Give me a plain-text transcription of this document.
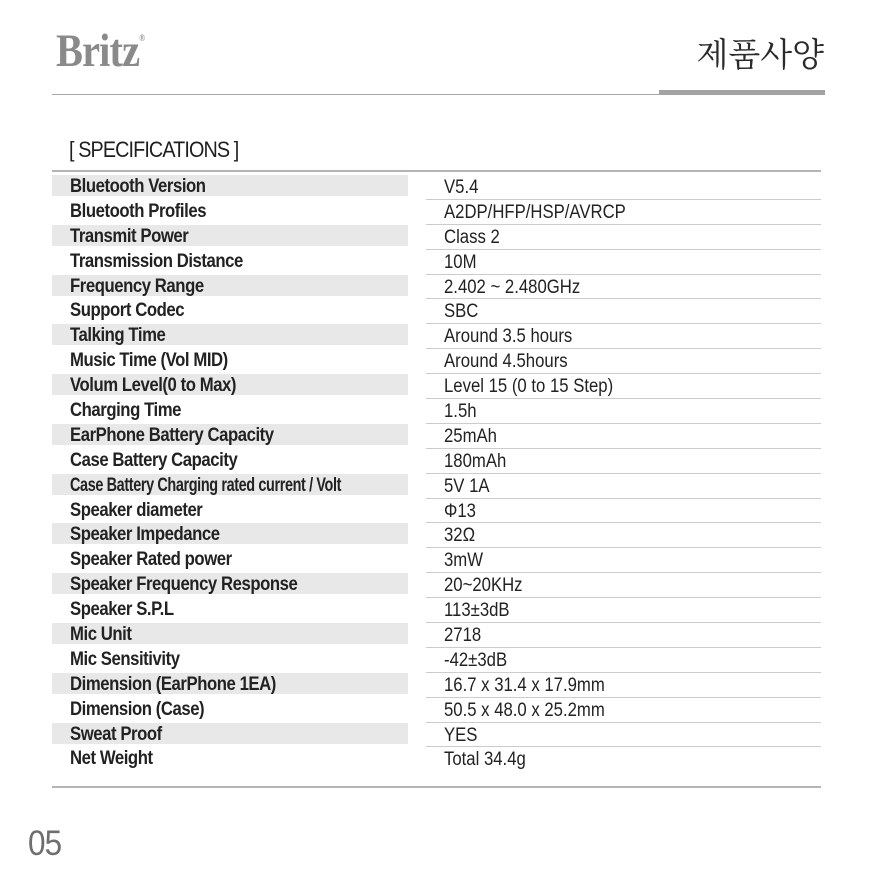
Britz®	제품사양
[ SPECIFICATIONS ]
Bluetooth Version	V5.4
Bluetooth Profiles	A2DP/HFP/HSP/AVRCP
Transmit Power	Class 2
Transmission Distance	10M
Frequency Range	2.402 ~ 2.480GHz
Support Codec	SBC
Talking Time	Around 3.5 hours
Music Time (Vol MID)	Around 4.5hours
Volum Level(0 to Max)	Level 15 (0 to 15 Step)
Charging Time	1.5h
EarPhone Battery Capacity	25mAh
Case Battery Capacity	180mAh
Case Battery Charging rated current / Volt	5V 1A
Speaker diameter	Φ13
Speaker Impedance	32Ω
Speaker Rated power	3mW
Speaker Frequency Response	20~20KHz
Speaker S.P.L	113±3dB
Mic Unit	2718
Mic Sensitivity	-42±3dB
Dimension (EarPhone 1EA)	16.7 x 31.4 x 17.9mm
Dimension (Case)	50.5 x 48.0 x 25.2mm
Sweat Proof	YES
Net Weight	Total 34.4g
05
